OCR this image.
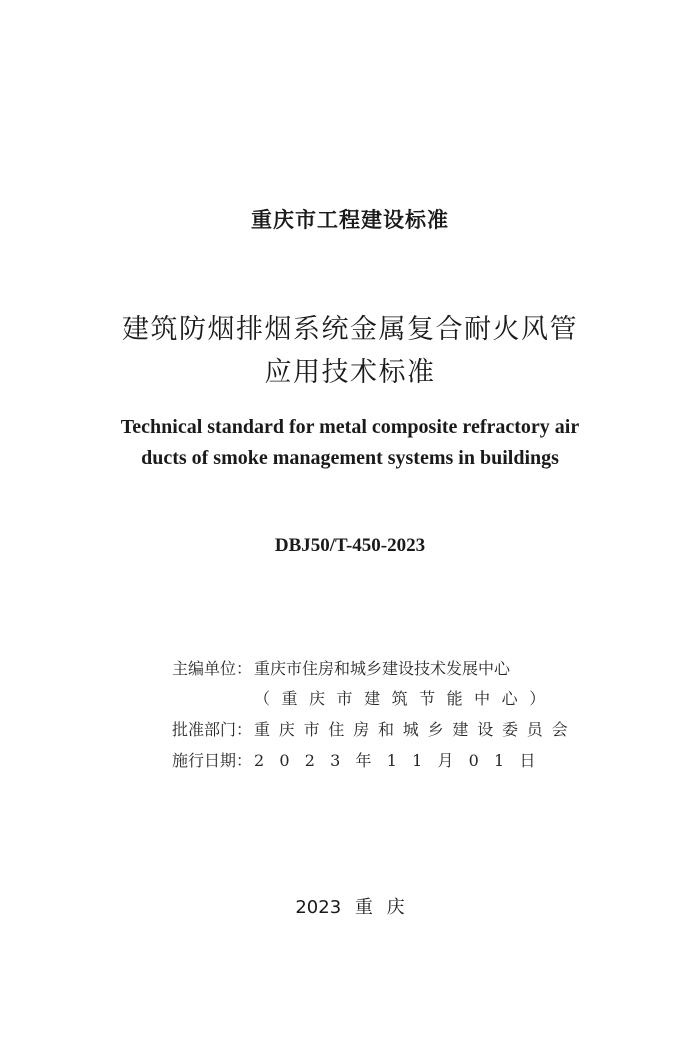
重庆市工程建设标准
建筑防烟排烟系统金属复合耐火风管
应用技术标准
Technical standard for metal composite refractory air
ducts of smoke management systems in buildings
DBJ50/T-450-2023
主编单位： 重庆市住房和城乡建设技术发展中心
（重庆市建筑节能中心）
批准部门： 重庆市住房和城乡建设委员会
施行日期： 2023年11月01日
2023 重 庆
